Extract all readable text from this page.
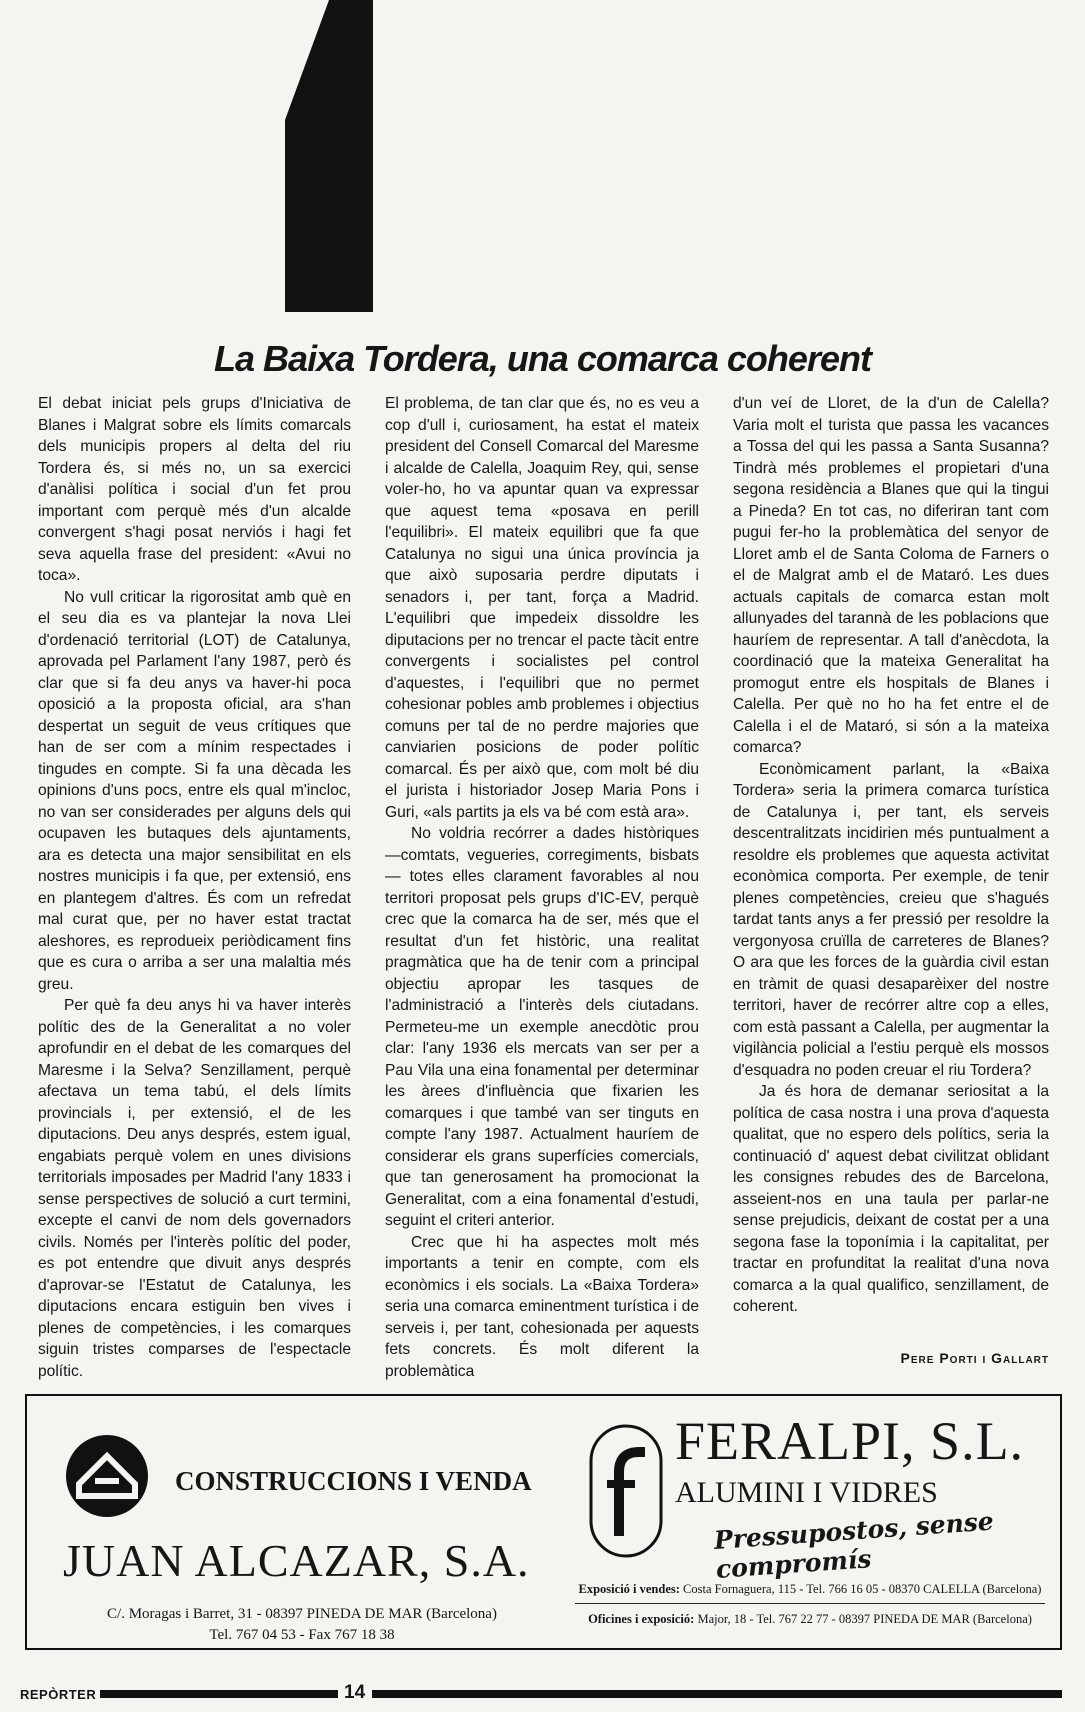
La Baixa Tordera, una comarca coherent

El debat iniciat pels grups d'Iniciativa de Blanes i Malgrat sobre els límits comarcals dels municipis propers al delta del riu Tordera és, si més no, un sa exercici d'anàlisi política i social d'un fet prou important com perquè més d'un alcalde convergent s'hagi posat nerviós i hagi fet seva aquella frase del president: «Avui no toca».

No vull criticar la rigorositat amb què en el seu dia es va plantejar la nova Llei d'ordenació territorial (LOT) de Catalunya, aprovada pel Parlament l'any 1987, però és clar que si fa deu anys va haver-hi poca oposició a la proposta oficial, ara s'han despertat un seguit de veus crítiques que han de ser com a mínim respectades i tingudes en compte. Si fa una dècada les opinions d'uns pocs, entre els qual m'incloc, no van ser considerades per alguns dels qui ocupaven les butaques dels ajuntaments, ara es detecta una major sensibilitat en els nostres municipis i fa que, per extensió, ens en plantegem d'altres. És com un refredat mal curat que, per no haver estat tractat aleshores, es reprodueix periòdicament fins que es cura o arriba a ser una malaltia més greu.

Per què fa deu anys hi va haver interès polític des de la Generalitat a no voler aprofundir en el debat de les comarques del Maresme i la Selva? Senzillament, perquè afectava un tema tabú, el dels límits provincials i, per extensió, el de les diputacions. Deu anys després, estem igual, engabiats perquè volem en unes divisions territorials imposades per Madrid l'any 1833 i sense perspectives de solució a curt termini, excepte el canvi de nom dels governadors civils. Només per l'interès polític del poder, es pot entendre que divuit anys després d'aprovar-se l'Estatut de Catalunya, les diputacions encara estiguin ben vives i plenes de competències, i les comarques siguin tristes comparses de l'espectacle polític.

El problema, de tan clar que és, no es veu a cop d'ull i, curiosament, ha estat el mateix president del Consell Comarcal del Maresme i alcalde de Calella, Joaquim Rey, qui, sense voler-ho, ho va apuntar quan va expressar que aquest tema «posava en perill l'equilibri». El mateix equilibri que fa que Catalunya no sigui una única província ja que això suposaria perdre diputats i senadors i, per tant, força a Madrid. L'equilibri que impedeix dissoldre les diputacions per no trencar el pacte tàcit entre convergents i socialistes pel control d'aquestes, i l'equilibri que no permet cohesionar pobles amb problemes i objectius comuns per tal de no perdre majories que canviarien posicions de poder polític comarcal. És per això que, com molt bé diu el jurista i historiador Josep Maria Pons i Guri, «als partits ja els va bé com està ara».

No voldria recórrer a dades històriques —comtats, vegueries, corregiments, bisbats— totes elles clarament favorables al nou territori proposat pels grups d'IC-EV, perquè crec que la comarca ha de ser, més que el resultat d'un fet històric, una realitat pragmàtica que ha de tenir com a principal objectiu apropar les tasques de l'administració a l'interès dels ciutadans. Permeteu-me un exemple anecdòtic prou clar: l'any 1936 els mercats van ser per a Pau Vila una eina fonamental per determinar les àrees d'influència que fixarien les comarques i que també van ser tinguts en compte l'any 1987. Actualment hauríem de considerar els grans superfícies comercials, que tan generosament ha promocionat la Generalitat, com a eina fonamental d'estudi, seguint el criteri anterior.

Crec que hi ha aspectes molt més importants a tenir en compte, com els econòmics i els socials. La «Baixa Tordera» seria una comarca eminentment turística i de serveis i, per tant, cohesionada per aquests fets concrets. És molt diferent la problemàtica

d'un veí de Lloret, de la d'un de Calella? Varia molt el turista que passa les vacances a Tossa del qui les passa a Santa Susanna? Tindrà més problemes el propietari d'una segona residència a Blanes que qui la tingui a Pineda? En tot cas, no diferiran tant com pugui fer-ho la problemàtica del senyor de Lloret amb el de Santa Coloma de Farners o el de Malgrat amb el de Mataró. Les dues actuals capitals de comarca estan molt allunyades del tarannà de les poblacions que hauríem de representar. A tall d'anècdota, la coordinació que la mateixa Generalitat ha promogut entre els hospitals de Blanes i Calella. Per què no ho ha fet entre el de Calella i el de Mataró, si són a la mateixa comarca?

Econòmicament parlant, la «Baixa Tordera» seria la primera comarca turística de Catalunya i, per tant, els serveis descentralitzats incidirien més puntualment a resoldre els problemes que aquesta activitat econòmica comporta. Per exemple, de tenir plenes competències, creieu que s'hagués tardat tants anys a fer pressió per resoldre la vergonyosa cruïlla de carreteres de Blanes? O ara que les forces de la guàrdia civil estan en tràmit de quasi desaparèixer del nostre territori, haver de recórrer altre cop a elles, com està passant a Calella, per augmentar la vigilància policial a l'estiu perquè els mossos d'esquadra no poden creuar el riu Tordera?

Ja és hora de demanar seriositat a la política de casa nostra i una prova d'aquesta qualitat, que no espero dels polítics, seria la continuació d' aquest debat civilitzat oblidant les consignes rebudes des de Barcelona, asseient-nos en una taula per parlar-ne sense prejudicis, deixant de costat per a una segona fase la toponímia i la capitalitat, per tractar en profunditat la realitat d'una nova comarca a la qual qualifico, senzillament, de coherent.

Pere Porti i Gallart
CONSTRUCCIONS I VENDA
JUAN ALCAZAR, S.A.
C/. Moragas i Barret, 31 - 08397 PINEDA DE MAR (Barcelona)
Tel. 767 04 53 - Fax 767 18 38
FERALPI, S.L.
ALUMINI I VIDRES
Pressupostos, sense compromís
Exposició i vendes: Costa Fornaguera, 115 - Tel. 766 16 05 - 08370 CALELLA (Barcelona)
Oficines i exposició: Major, 18 - Tel. 767 22 77 - 08397 PINEDA DE MAR (Barcelona)
REPÒRTER	14
